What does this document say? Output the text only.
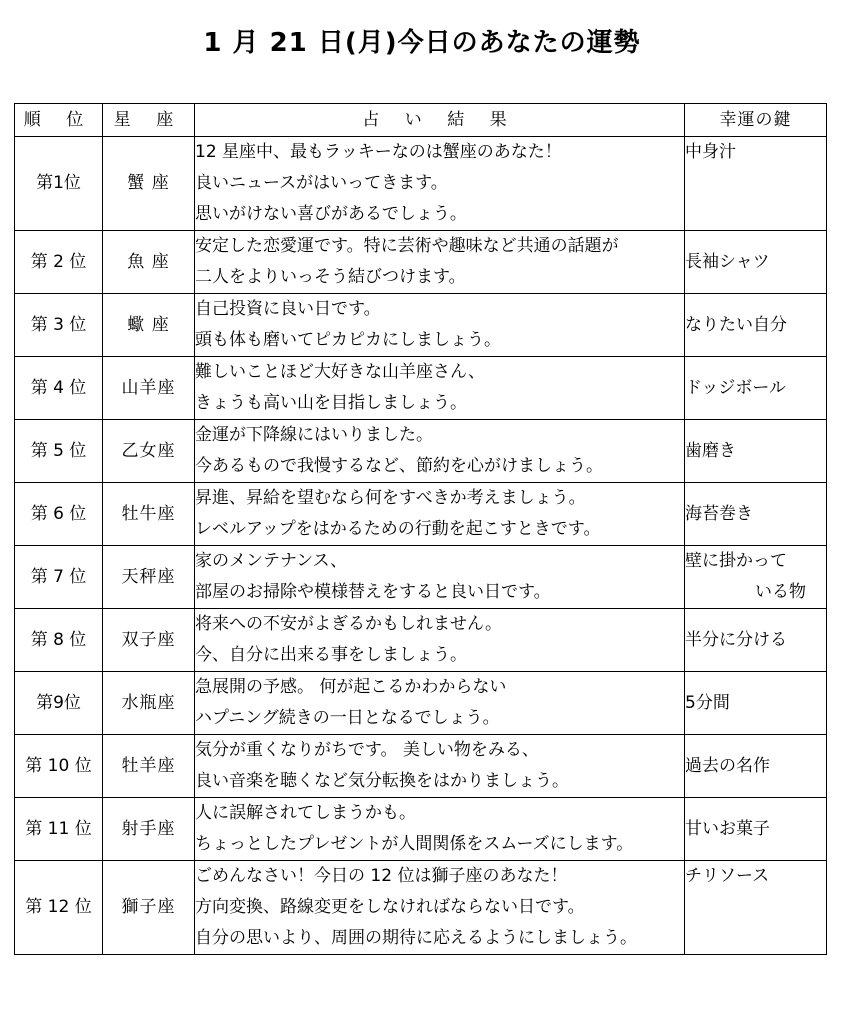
1 月 21 日(月)今日のあなたの運勢
順 位	星 座	占 い 結 果	幸運の鍵
第1位	蟹 座	12 星座中、最もラッキーなのは蟹座のあなた！
良いニュースがはいってきます。
思いがけない喜びがあるでしょう。	中身汁
第 2 位	魚 座	安定した恋愛運です。特に芸術や趣味など共通の話題が
二人をよりいっそう結びつけます。	長袖シャツ
第 3 位	蠍 座	自己投資に良い日です。
頭も体も磨いてピカピカにしましょう。	なりたい自分
第 4 位	山羊座	難しいことほど大好きな山羊座さん、
きょうも高い山を目指しましょう。	ドッジボール
第 5 位	乙女座	金運が下降線にはいりました。
今あるもので我慢するなど、節約を心がけましょう。	歯磨き
第 6 位	牡牛座	昇進、昇給を望むなら何をすべきか考えましょう。
レベルアップをはかるための行動を起こすときです。	海苔巻き
第 7 位	天秤座	家のメンテナンス、
部屋のお掃除や模様替えをすると良い日です。	壁に掛かって
いる物

第 8 位	双子座	将来への不安がよぎるかもしれません。
今、自分に出来る事をしましょう。	半分に分ける
第9位	水瓶座	急展開の予感。 何が起こるかわからない
ハプニング続きの一日となるでしょう。	5分間
第 10 位	牡羊座	気分が重くなりがちです。 美しい物をみる、
良い音楽を聴くなど気分転換をはかりましょう。	過去の名作
第 11 位	射手座	人に誤解されてしまうかも。
ちょっとしたプレゼントが人間関係をスムーズにします。	甘いお菓子
第 12 位	獅子座	ごめんなさい！今日の 12 位は獅子座のあなた！
方向変換、路線変更をしなければならない日です。
自分の思いより、周囲の期待に応えるようにしましょう。	チリソース
